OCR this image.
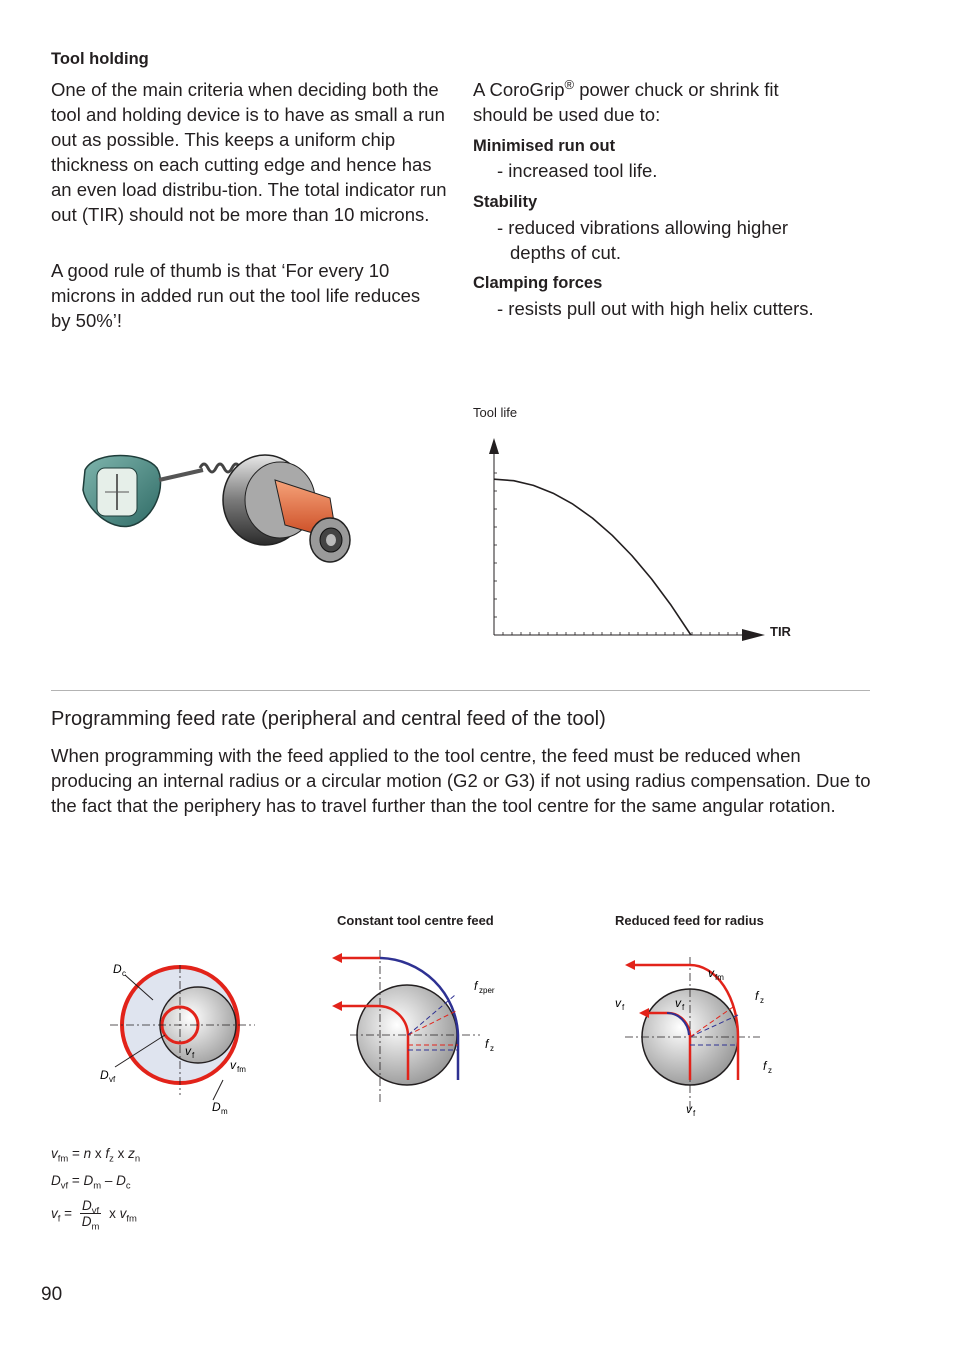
Tool holding

One of the main criteria when deciding both the tool and holding device is to have as small a run out as possible. This keeps a uniform chip thickness on each cutting edge and hence has an even load distribu-tion. The total indicator run out (TIR) should not be more than 10 microns.

A good rule of thumb is that ‘For every 10 microns in added run out the tool life reduces by 50%’!

A CoroGrip® power chuck or shrink fit should be used due to:

Minimised run out

- increased tool life.

Stability

- reduced vibrations allowing higher depths of cut.

Clamping forces

- resists pull out with high helix cutters.

Tool life
TIR

Programming feed rate (peripheral and central feed of the tool)

When programming with the feed applied to the tool centre, the feed must be reduced when producing an internal radius or a circular motion (G2 or G3) if not using radius compensation. Due to the fact that the periphery has to travel further than the tool centre for the same angular rotation.

Constant tool centre feed	Reduced feed for radius
D c
D vf
v f
v fm
D m
f zper
f z
v fm
v f	v f
f z
f z
v f
$v_{fm} = n$ x $f_z$ x $z_n$
$D_{vf} = D_m - D_c$
$v_f$ =
$D_{vf}$
$D_m$
x $v_{fm}$
90
